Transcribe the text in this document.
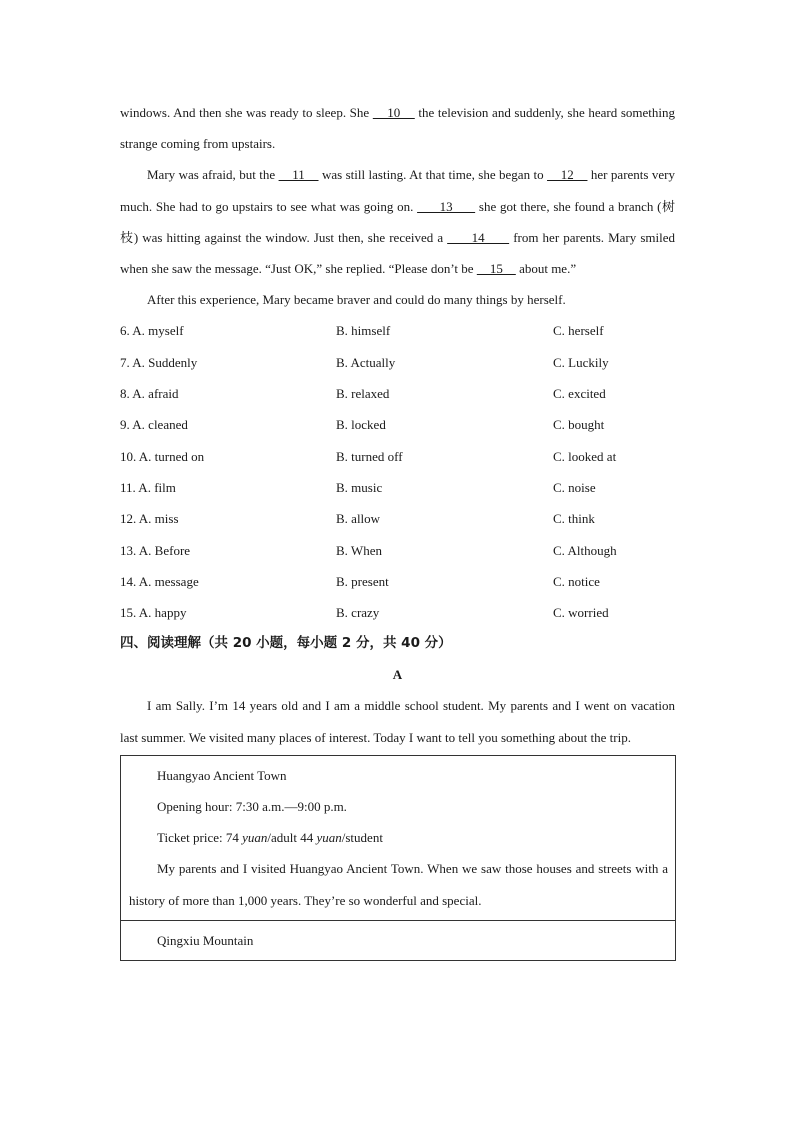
windows. And then she was ready to sleep. She     10     the television and suddenly, she heard something strange coming from upstairs.

Mary was afraid, but the     11     was still lasting. At that time, she began to     12     her parents very much. She had to go upstairs to see what was going on.       13       she got there, she found a branch (树枝) was hitting against the window. Just then, she received a       14       from her parents. Mary smiled when she saw the message. “Just OK,” she replied. “Please don’t be     15     about me.”

After this experience, Mary became braver and could do many things by herself.

6. A. myself	B. himself	C. herself
7. A. Suddenly	B. Actually	C. Luckily
8. A. afraid	B. relaxed	C. excited
9. A. cleaned	B. locked	C. bought
10. A. turned on	B. turned off	C. looked at
11. A. film	B. music	C. noise
12. A. miss	B. allow	C. think
13. A. Before	B. When	C. Although
14. A. message	B. present	C. notice
15. A. happy	B. crazy	C. worried

四、阅读理解（共 20 小题，每小题 2 分，共 40 分）

A

I am Sally. I’m 14 years old and I am a middle school student. My parents and I went on vacation last summer. We visited many places of interest. Today I want to tell you something about the trip.

Huangyao Ancient Town

Opening hour: 7:30 a.m.—9:00 p.m.

Ticket price: 74 yuan/adult 44 yuan/student

My parents and I visited Huangyao Ancient Town. When we saw those houses and streets with a history of more than 1,000 years. They’re so wonderful and special.

Qingxiu Mountain
